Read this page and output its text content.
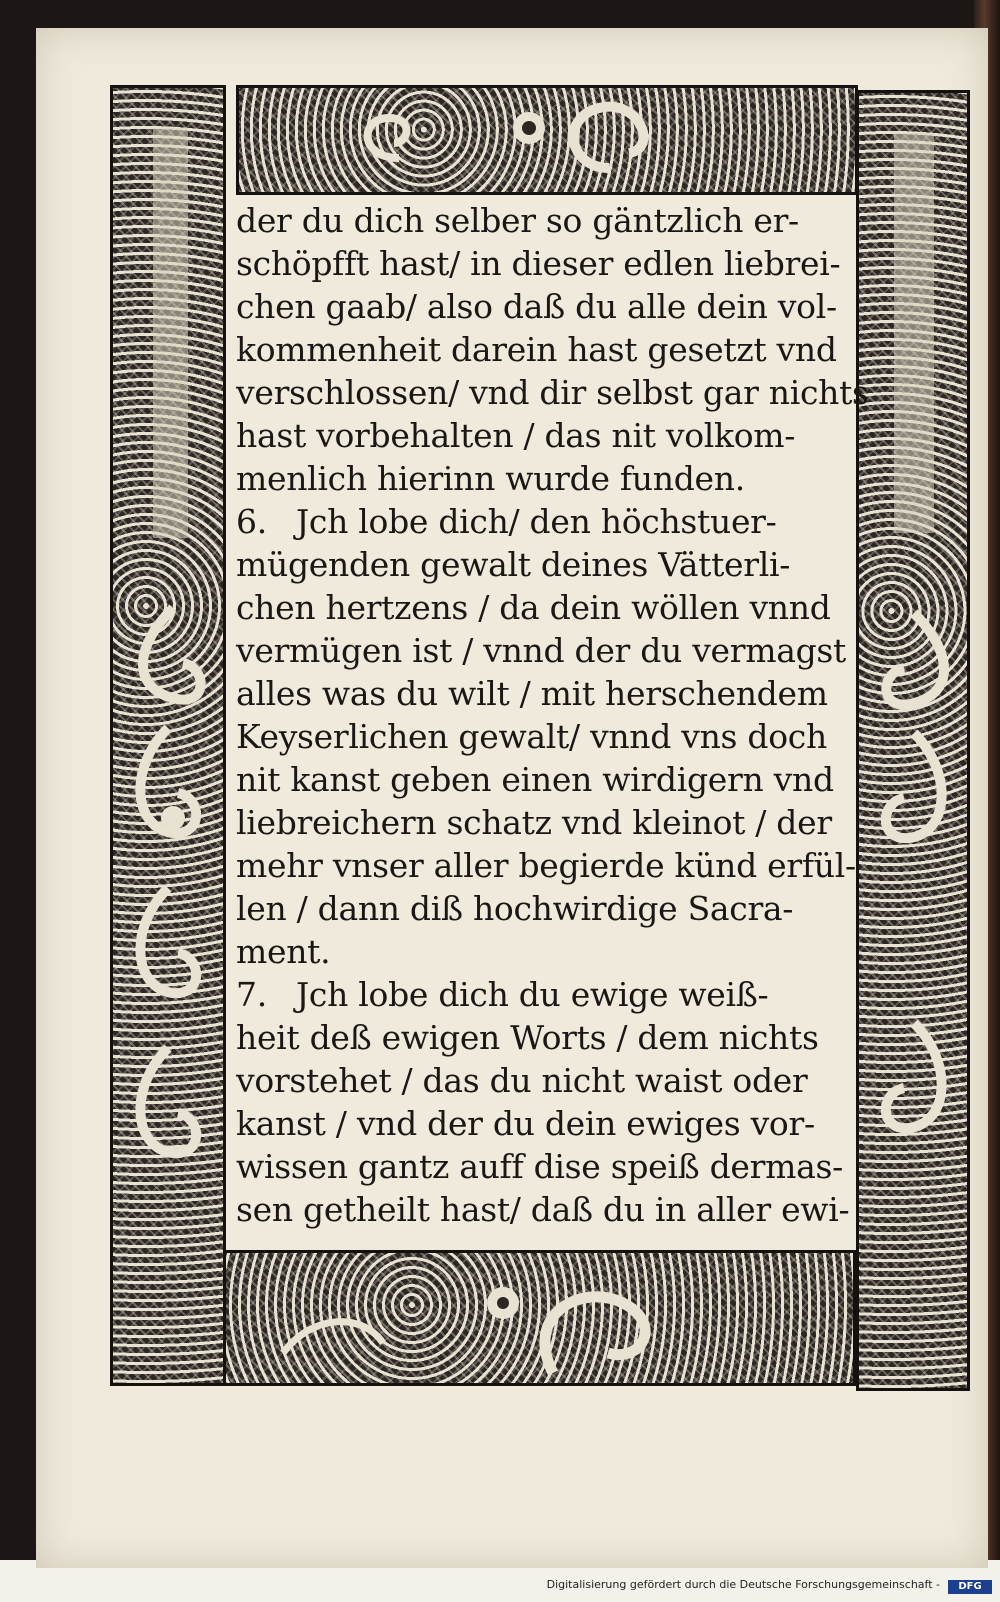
der du dich selber so gäntzlich er-
schöpfft hast/ in dieser edlen liebrei-
chen gaab/ also daß du alle dein vol-
kommenheit darein hast gesetzt vnd
verschlossen/ vnd dir selbst gar nichts
hast vorbehalten / das nit volkom-
menlich hierinn wurde funden.
6. Jch lobe dich/ den höchstuer-
mügenden gewalt deines Vätterli-
chen hertzens / da dein wöllen vnnd
vermügen ist / vnnd der du vermagst
alles was du wilt / mit herschendem
Keyserlichen gewalt/ vnnd vns doch
nit kanst geben einen wirdigern vnd
liebreichern schatz vnd kleinot / der
mehr vnser aller begierde künd erfül-
len / dann diß hochwirdige Sacra-
ment.
7. Jch lobe dich du ewige weiß-
heit deß ewigen Worts / dem nichts
vorstehet / das du nicht waist oder
kanst / vnd der du dein ewiges vor-
wissen gantz auff dise speiß dermas-
sen getheilt hast/ daß du in aller ewi-
Digitalisierung gefördert durch die Deutsche Forschungsgemeinschaft -	DFG
